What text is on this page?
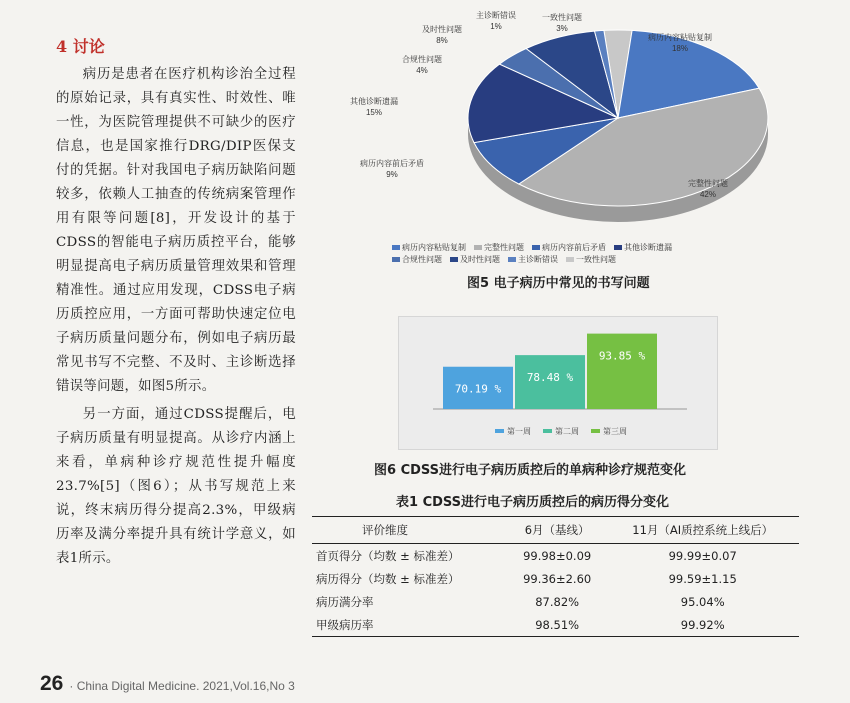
4 讨论

病历是患者在医疗机构诊治全过程的原始记录，具有真实性、时效性、唯一性，为医院管理提供不可缺少的医疗信息，也是国家推行DRG/DIP医保支付的凭据。针对我国电子病历缺陷问题较多，依赖人工抽查的传统病案管理作用有限等问题[8]，开发设计的基于CDSS的智能电子病历质控平台，能够明显提高电子病历质量管理效果和管理精准性。通过应用发现，CDSS电子病历质控应用，一方面可帮助快速定位电子病历质量问题分布，例如电子病历最常见书写不完整、不及时、主诊断选择错误等问题，如图5所示。

另一方面，通过CDSS提醒后，电子病历质量有明显提高。从诊疗内涵上来看，单病种诊疗规范性提升幅度23.7%[5]（图6）；从书写规范上来说，终末病历得分提高2.3%，甲级病历率及满分率提升具有统计学意义，如表1所示。

病历内容粘贴复制
18%
完整性问题
42%
病历内容前后矛盾
9%
其他诊断遗漏
15%
合规性问题
4%
及时性问题
8%
主诊断错误
1%
一致性问题
3%
病历内容粘贴复制	完整性问题	病历内容前后矛盾	其他诊断遗漏
合规性问题	及时性问题	主诊断错误	一致性问题
图5 电子病历中常见的书写问题
70.19 %
78.48 %
93.85 %
第一周	第二周	第三周
图6 CDSS进行电子病历质控后的单病种诊疗规范变化
表1 CDSS进行电子病历质控后的病历得分变化
评价维度	6月（基线）	11月（AI质控系统上线后）
首页得分（均数 ± 标准差）	99.98±0.09	99.99±0.07
病历得分（均数 ± 标准差）	99.36±2.60	99.59±1.15
病历满分率	87.82%	95.04%
甲级病历率	98.51%	99.92%
26 · China Digital Medicine. 2021,Vol.16,No 3
